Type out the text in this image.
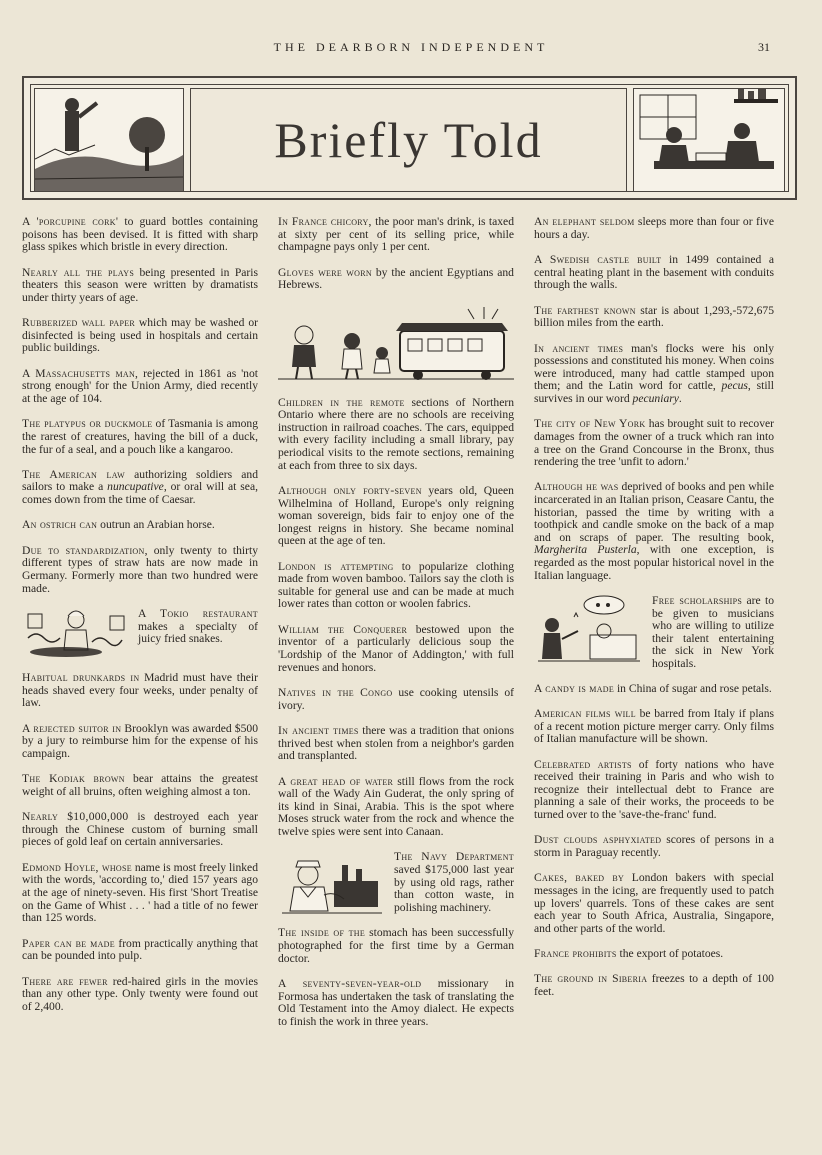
THE DEARBORN INDEPENDENT	31
Briefly Told

A 'porcupine cork' to guard bottles containing poisons has been devised. It is fitted with sharp glass spikes which bristle in every direction.

Nearly all the plays being presented in Paris theaters this season were written by dramatists under thirty years of age.

Rubberized wall paper which may be washed or disinfected is being used in hospitals and certain public buildings.

A Massachusetts man, rejected in 1861 as 'not strong enough' for the Union Army, died recently at the age of 104.

The platypus or duckmole of Tasmania is among the rarest of creatures, having the bill of a duck, the fur of a seal, and a pouch like a kangaroo.

The American law authorizing soldiers and sailors to make a nuncupative, or oral will at sea, comes down from the time of Caesar.

An ostrich can outrun an Arabian horse.

Due to standardization, only twenty to thirty different types of straw hats are now made in Germany. Formerly more than two hundred were made.

A Tokio restaurant makes a specialty of juicy fried snakes.

Habitual drunkards in Madrid must have their heads shaved every four weeks, under penalty of law.

A rejected suitor in Brooklyn was awarded $500 by a jury to reimburse him for the expense of his campaign.

The Kodiak brown bear attains the greatest weight of all bruins, often weighing almost a ton.

Nearly $10,000,000 is destroyed each year through the Chinese custom of burning small pieces of gold leaf on certain anniversaries.

Edmond Hoyle, whose name is most freely linked with the words, 'according to,' died 157 years ago at the age of ninety-seven. His first 'Short Treatise on the Game of Whist . . . ' had a title of no fewer than 125 words.

Paper can be made from practically anything that can be pounded into pulp.

There are fewer red-haired girls in the movies than any other type. Only twenty were found out of 2,400.

In France chicory, the poor man's drink, is taxed at sixty per cent of its selling price, while champagne pays only 1 per cent.

Gloves were worn by the ancient Egyptians and Hebrews.

Children in the remote sections of Northern Ontario where there are no schools are receiving instruction in railroad coaches. The cars, equipped with every facility including a small library, pay periodical visits to the remote sections, remaining at each from three to six days.

Although only forty-seven years old, Queen Wilhelmina of Holland, Europe's only reigning woman sovereign, bids fair to enjoy one of the longest reigns in history. She became nominal queen at the age of ten.

London is attempting to popularize clothing made from woven bamboo. Tailors say the cloth is suitable for general use and can be made at much lower rates than cotton or woolen fabrics.

William the Conquerer bestowed upon the inventor of a particularly delicious soup the 'Lordship of the Manor of Addington,' with full revenues and honors.

Natives in the Congo use cooking utensils of ivory.

In ancient times there was a tradition that onions thrived best when stolen from a neighbor's garden and transplanted.

A great head of water still flows from the rock wall of the Wady Ain Guderat, the only spring of its kind in Sinai, Arabia. This is the spot where Moses struck water from the rock and whence the twelve spies were sent into Canaan.

The Navy Department saved $175,000 last year by using old rags, rather than cotton waste, in polishing machinery.

The inside of the stomach has been successfully photographed for the first time by a German doctor.

A seventy-seven-year-old missionary in Formosa has undertaken the task of translating the Old Testament into the Amoy dialect. He expects to finish the work in three years.

An elephant seldom sleeps more than four or five hours a day.

A Swedish castle built in 1499 contained a central heating plant in the basement with conduits through the walls.

The farthest known star is about 1,293,-572,675 billion miles from the earth.

In ancient times man's flocks were his only possessions and constituted his money. When coins were introduced, many had cattle stamped upon them; and the Latin word for cattle, pecus, still survives in our word pecuniary.

The city of New York has brought suit to recover damages from the owner of a truck which ran into a tree on the Grand Concourse in the Bronx, thus rendering the tree 'unfit to adorn.'

Although he was deprived of books and pen while incarcerated in an Italian prison, Ceasare Cantu, the historian, passed the time by writing with a toothpick and candle smoke on the back of a map and on scraps of paper. The resulting book, Margherita Pusterla, with one exception, is regarded as the most popular historical novel in the Italian language.

Free scholarships are to be given to musicians who are willing to utilize their talent entertaining the sick in New York hospitals.

A candy is made in China of sugar and rose petals.

American films will be barred from Italy if plans of a recent motion picture merger carry. Only films of Italian manufacture will be shown.

Celebrated artists of forty nations who have received their training in Paris and who wish to recognize their intellectual debt to France are planning a sale of their works, the proceeds to be turned over to the 'save-the-franc' fund.

Dust clouds asphyxiated scores of persons in a storm in Paraguay recently.

Cakes, baked by London bakers with special messages in the icing, are frequently used to patch up lovers' quarrels. Tons of these cakes are sent each year to South Africa, Australia, Singapore, and other parts of the world.

France prohibits the export of potatoes.

The ground in Siberia freezes to a depth of 100 feet.
